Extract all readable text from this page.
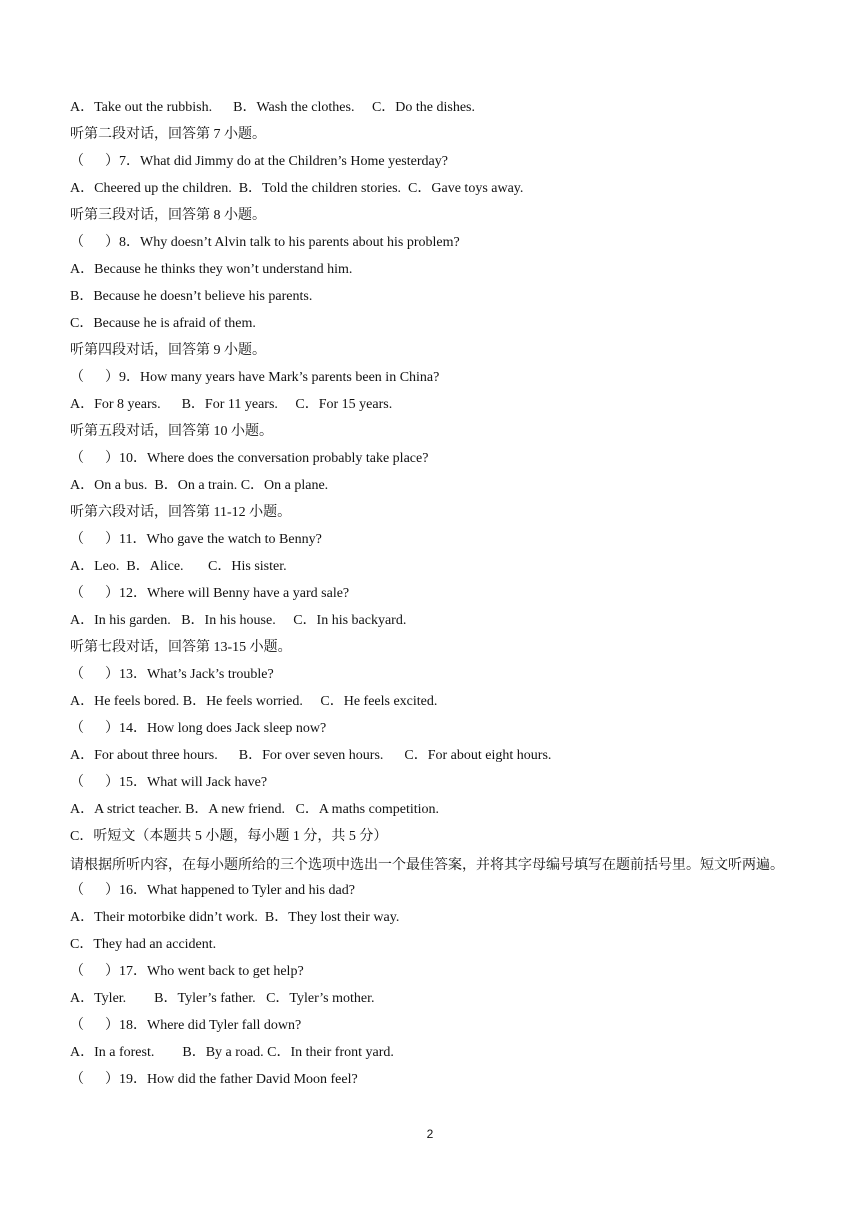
A．Take out the rubbish.      B．Wash the clothes.     C．Do the dishes.
听第二段对话，回答第 7 小题。
（      ）7．What did Jimmy do at the Children’s Home yesterday?
A．Cheered up the children.  B．Told the children stories.  C．Gave toys away.
听第三段对话，回答第 8 小题。
（      ）8．Why doesn’t Alvin talk to his parents about his problem?
A．Because he thinks they won’t understand him.
B．Because he doesn’t believe his parents.
C．Because he is afraid of them.
听第四段对话，回答第 9 小题。
（      ）9．How many years have Mark’s parents been in China?
A．For 8 years.      B．For 11 years.     C．For 15 years.
听第五段对话，回答第 10 小题。
（      ）10．Where does the conversation probably take place?
A．On a bus.  B．On a train. C．On a plane.
听第六段对话，回答第 11-12 小题。
（      ）11．Who gave the watch to Benny?
A．Leo.  B．Alice.       C．His sister.
（      ）12．Where will Benny have a yard sale?
A．In his garden.   B．In his house.     C．In his backyard.
听第七段对话，回答第 13-15 小题。
（      ）13．What’s Jack’s trouble?
A．He feels bored. B．He feels worried.     C．He feels excited.
（      ）14．How long does Jack sleep now?
A．For about three hours.      B．For over seven hours.      C．For about eight hours.
（      ）15．What will Jack have?
A．A strict teacher. B．A new friend.   C．A maths competition.
C．听短文（本题共 5 小题，每小题 1 分，共 5 分）
请根据所听内容，在每小题所给的三个选项中选出一个最佳答案，并将其字母编号填写在题前括号里。短文听两遍。
（      ）16．What happened to Tyler and his dad?
A．Their motorbike didn’t work.  B．They lost their way.
C．They had an accident.
（      ）17．Who went back to get help?
A．Tyler.        B．Tyler’s father.   C．Tyler’s mother.
（      ）18．Where did Tyler fall down?
A．In a forest.        B．By a road. C．In their front yard.
（      ）19．How did the father David Moon feel?
2
